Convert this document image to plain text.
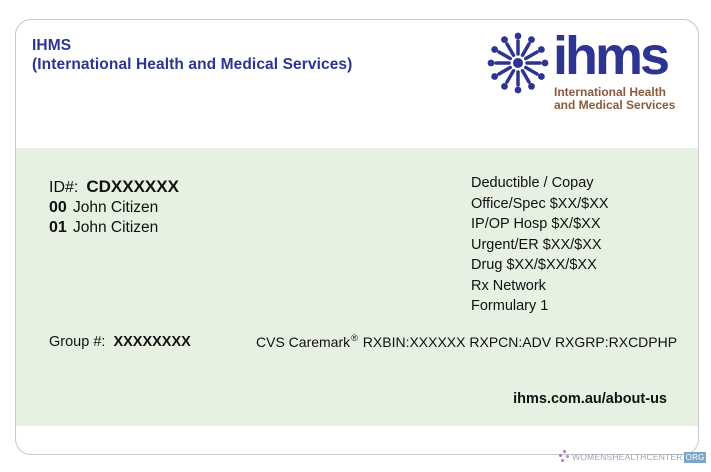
IHMS
(International Health and Medical Services)	ihms
International Health
and Medical Services
ID#: CDXXXXXX
00 John Citizen
01 John Citizen
Deductible / Copay
Office/Spec $XX/$XX
IP/OP Hosp $X/$XX
Urgent/ER $XX/$XX
Drug $XX/$XX/$XX
Rx Network
Formulary 1
Group #: XXXXXXXX	CVS Caremark® RXBIN:XXXXXX RXPCN:ADV RXGRP:RXCDPHP
ihms.com.au/about-us
WOMENSHEALTHCENTER ORG
